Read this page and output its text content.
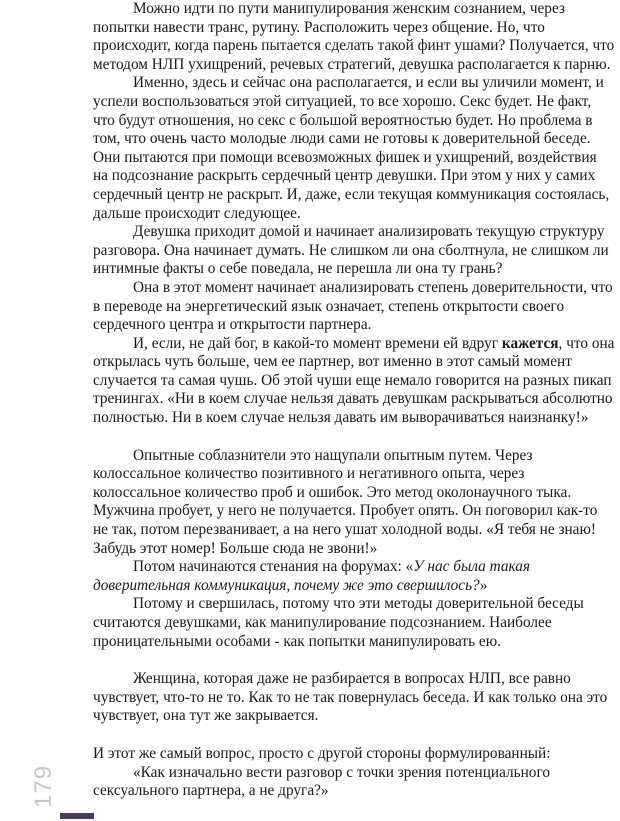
Можно идти по пути манипулирования женским сознанием, через попытки навести транс, рутину. Расположить через общение. Но, что происходит, когда парень пытается сделать такой финт ушами? Получается, что методом НЛП ухищрений, речевых стратегий, девушка располагается к парню.

Именно, здесь и сейчас она располагается, и если вы уличили момент, и успели воспользоваться этой ситуацией, то все хорошо. Секс будет. Не факт, что будут отношения, но секс с большой вероятностью будет. Но проблема в том, что очень часто молодые люди сами не готовы к доверительной беседе. Они пытаются при помощи всевозможных фишек и ухищрений, воздействия на подсознание раскрыть сердечный центр девушки. При этом у них у самих сердечный центр не раскрыт. И, даже, если текущая коммуникация состоялась, дальше происходит следующее.

Девушка приходит домой и начинает анализировать текущую структуру разговора. Она начинает думать. Не слишком ли она сболтнула, не слишком ли интимные факты о себе поведала, не перешла ли она ту грань?

Она в этот момент начинает анализировать степень доверительности, что в переводе на энергетический язык означает, степень открытости своего сердечного центра и открытости партнера.

И, если, не дай бог, в какой-то момент времени ей вдруг кажется, что она открылась чуть больше, чем ее партнер, вот именно в этот самый момент случается та самая чушь. Об этой чуши еще немало говорится на разных пикап тренингах. «Ни в коем случае нельзя давать девушкам раскрываться абсолютно полностью. Ни в коем случае нельзя давать им выворачиваться наизнанку!»

Опытные соблазнители это нащупали опытным путем. Через колоссальное количество позитивного и негативного опыта, через колоссальное количество проб и ошибок. Это метод околонаучного тыка. Мужчина пробует, у него не получается. Пробует опять. Он поговорил как-то не так, потом перезванивает, а на него ушат холодной воды. «Я тебя не знаю! Забудь этот номер! Больше сюда не звони!»

Потом начинаются стенания на форумах: «У нас была такая доверительная коммуникация, почему же это свершилось?»

Потому и свершилась, потому что эти методы доверительной беседы считаются девушками, как манипулирование подсознанием. Наиболее проницательными особами - как попытки манипулировать ею.

Женщина, которая даже не разбирается в вопросах НЛП, все равно чувствует, что-то не то. Как то не так повернулась беседа. И как только она это чувствует, она тут же закрывается.

И этот же самый вопрос, просто с другой стороны формулированный:

«Как изначально вести разговор с точки зрения потенциального сексуального партнера, а не друга?»

179
